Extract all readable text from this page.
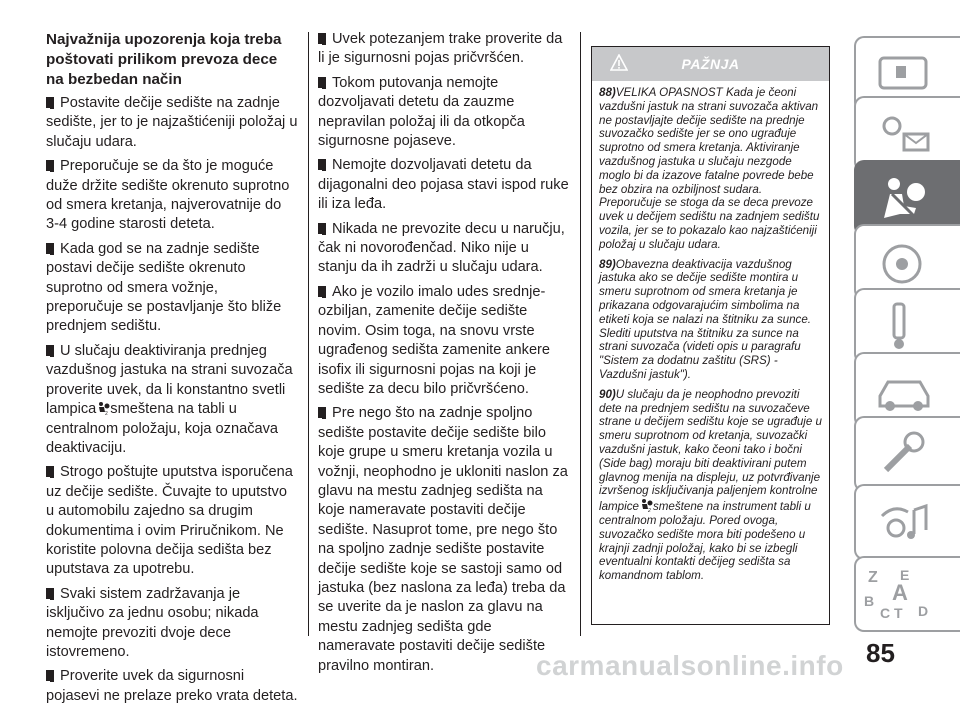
Najvažnija upozorenja koja treba poštovati prilikom prevoza dece na bezbedan način

Postavite dečije sedište na zadnje sedište, jer to je najzaštićeniji položaj u slučaju udara.

Preporučuje se da što je moguće duže držite sedište okrenuto suprotno od smera kretanja, najverovatnije do 3-4 godine starosti deteta.

Kada god se na zadnje sedište postavi dečije sedište okrenuto suprotno od smera vožnje, preporučuje se postavljanje što bliže prednjem sedištu.

U slučaju deaktiviranja prednjeg vazdušnog jastuka na strani suvozača proverite uvek, da li konstantno svetli lampica 2 smeštena na tabli u centralnom položaju, koja označava deaktivaciju.

Strogo poštujte uputstva isporučena uz dečije sedište. Čuvajte to uputstvo u automobilu zajedno sa drugim dokumentima i ovim Priručnikom. Ne koristite polovna dečija sedišta bez uputstava za upotrebu.

Svaki sistem zadržavanja je isključivo za jednu osobu; nikada nemojte prevoziti dvoje dece istovremeno.

Proverite uvek da sigurnosni pojasevi ne prelaze preko vrata deteta.

Uvek potezanjem trake proverite da li je sigurnosni pojas pričvršćen.

Tokom putovanja nemojte dozvoljavati detetu da zauzme nepravilan položaj ili da otkopča sigurnosne pojaseve.

Nemojte dozvoljavati detetu da dijagonalni deo pojasa stavi ispod ruke ili iza leđa.

Nikada ne prevozite decu u naručju, čak ni novorođenčad. Niko nije u stanju da ih zadrži u slučaju udara.

Ako je vozilo imalo udes srednje-ozbiljan, zamenite dečije sedište novim. Osim toga, na snovu vrste ugrađenog sedišta zamenite ankere isofix ili sigurnosni pojas na koji je sedište za decu bilo pričvršćeno.

Pre nego što na zadnje spoljno sedište postavite dečije sedište bilo koje grupe u smeru kretanja vozila u vožnji, neophodno je ukloniti naslon za glavu na mestu zadnjeg sedišta na koje nameravate postaviti dečije sedište. Nasuprot tome, pre nego što na spoljno zadnje sedište postavite dečije sedište koje se sastoji samo od jastuka (bez naslona za leđa) treba da se uverite da je naslon za glavu na mestu zadnjeg sedišta gde nameravate postaviti dečije sedište pravilno montiran.

PAŽNJA

88)VELIKA OPASNOST Kada je čeoni vazdušni jastuk na strani suvozača aktivan ne postavljajte dečije sedište na prednje suvozačko sedište jer se ono ugrađuje suprotno od smera kretanja. Aktiviranje vazdušnog jastuka u slučaju nezgode moglo bi da izazove fatalne povrede bebe bez obzira na ozbiljnost sudara. Preporučuje se stoga da se deca prevoze uvek u dečijem sedištu na zadnjem sedištu vozila, jer se to pokazalo kao najzaštićeniji položaj u slučaju udara.

89)Obavezna deaktivacija vazdušnog jastuka ako se dečije sedište montira u smeru suprotnom od smera kretanja je prikazana odgovarajućim simbolima na etiketi koja se nalazi na štitniku za sunce. Slediti uputstva na štitniku za sunce na strani suvozača (videti opis u paragrafu "Sistem za dodatnu zaštitu (SRS) - Vazdušni jastuk").

90)U slučaju da je neophodno prevoziti dete na prednjem sedištu na suvozačeve strane u dečijem sedištu koje se ugrađuje u smeru suprotnom od kretanja, suvozački vazdušni jastuk, kako čeoni tako i bočni (Side bag) moraju biti deaktivirani putem glavnog menija na displeju, uz potvrđivanje izvršenog isključivanja paljenjem kontrolne lampice 2 smeštene na instrument tabli u centralnom položaju. Pored ovoga, suvozačko sedište mora biti podešeno u krajnji zadnji položaj, kako bi se izbegli eventualni kontakti dečijeg sedišta sa komandnom tablom.	Z E
A
B
C T D
carmanualsonline.info 85
